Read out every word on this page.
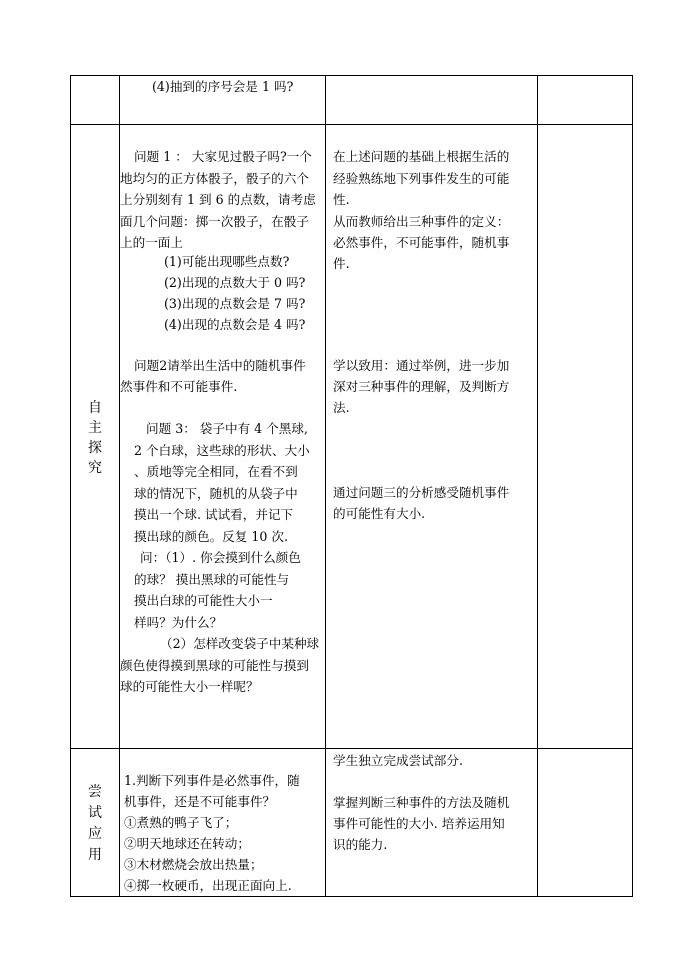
(4)抽到的序号会是 1 吗?
自
主
探
究
问题 1 ： 大家见过骰子吗?一个
地均匀的正方体骰子，骰子的六个
上分别刻有 1 到 6 的点数，请考虑
面几个问题：掷一次骰子，在骰子
上的一面上
(1)可能出现哪些点数?
(2)出现的点数大于 0 吗?
(3)出现的点数会是 7 吗?
(4)出现的点数会是 4 吗?
问题2请举出生活中的随机事件
然事件和不可能事件.
问题 3： 袋子中有 4 个黑球,
2 个白球，这些球的形状、大小
、质地等完全相同，在看不到
球的情况下，随机的从袋子中
摸出一个球. 试试看，并记下
摸出球的颜色。反复 10 次.
问：（1）. 你会摸到什么颜色
的球？ 摸出黑球的可能性与
摸出白球的可能性大小一
样吗？为什么？
（2）怎样改变袋子中某种球
颜色使得摸到黑球的可能性与摸到
球的可能性大小一样呢？
在上述问题的基础上根据生活的
经验熟练地下列事件发生的可能
性.
从而教师给出三种事件的定义：
必然事件，不可能事件，随机事
件.
学以致用：通过举例，进一步加
深对三种事件的理解，及判断方
法.
通过问题三的分析感受随机事件
的可能性有大小.
尝
试
应
用
1.判断下列事件是必然事件，随
机事件，还是不可能事件？
①煮熟的鸭子飞了；
②明天地球还在转动；
③木材燃烧会放出热量；
④掷一枚硬币，出现正面向上.
学生独立完成尝试部分.
掌握判断三种事件的方法及随机
事件可能性的大小. 培养运用知
识的能力.
